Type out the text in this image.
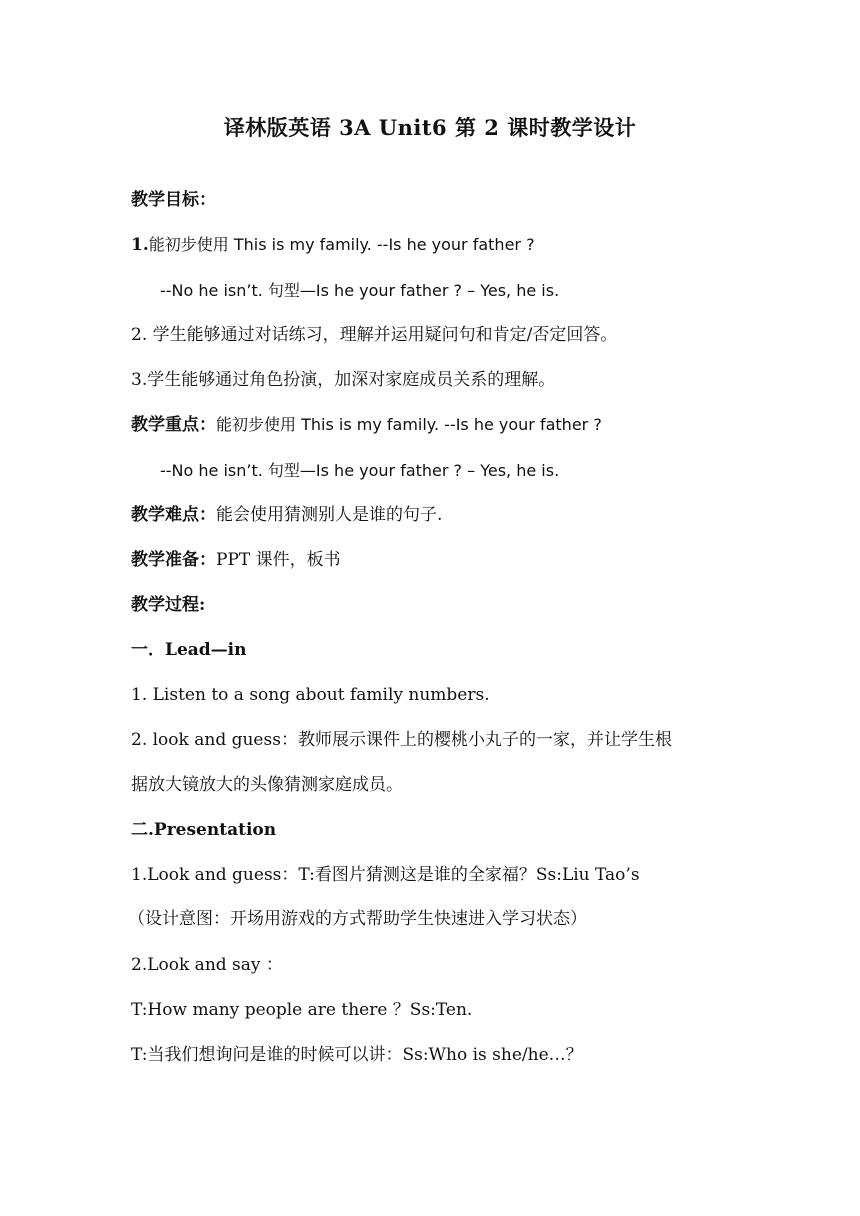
译林版英语 3A Unit6 第 2 课时教学设计
教学目标：
1.能初步使用 This is my family. --Is he your father ?
--No he isn’t. 句型—Is he your father ? – Yes, he is.
2. 学生能够通过对话练习，理解并运用疑问句和肯定/否定回答。
3.学生能够通过角色扮演，加深对家庭成员关系的理解。
教学重点：能初步使用 This is my family. --Is he your father ?
--No he isn’t. 句型—Is he your father ? – Yes, he is.
教学难点：能会使用猜测别人是谁的句子.
教学准备：PPT 课件，板书
教学过程:
一．Lead—in
1. Listen to a song about family numbers.
2. look and guess：教师展示课件上的樱桃小丸子的一家，并让学生根
据放大镜放大的头像猜测家庭成员。
二.Presentation
1.Look and guess：T:看图片猜测这是谁的全家福？Ss:Liu Tao’s
（设计意图：开场用游戏的方式帮助学生快速进入学习状态）
2.Look and say ：
T:How many people are there ？Ss:Ten.
T:当我们想询问是谁的时候可以讲：Ss:Who is she/he…？
